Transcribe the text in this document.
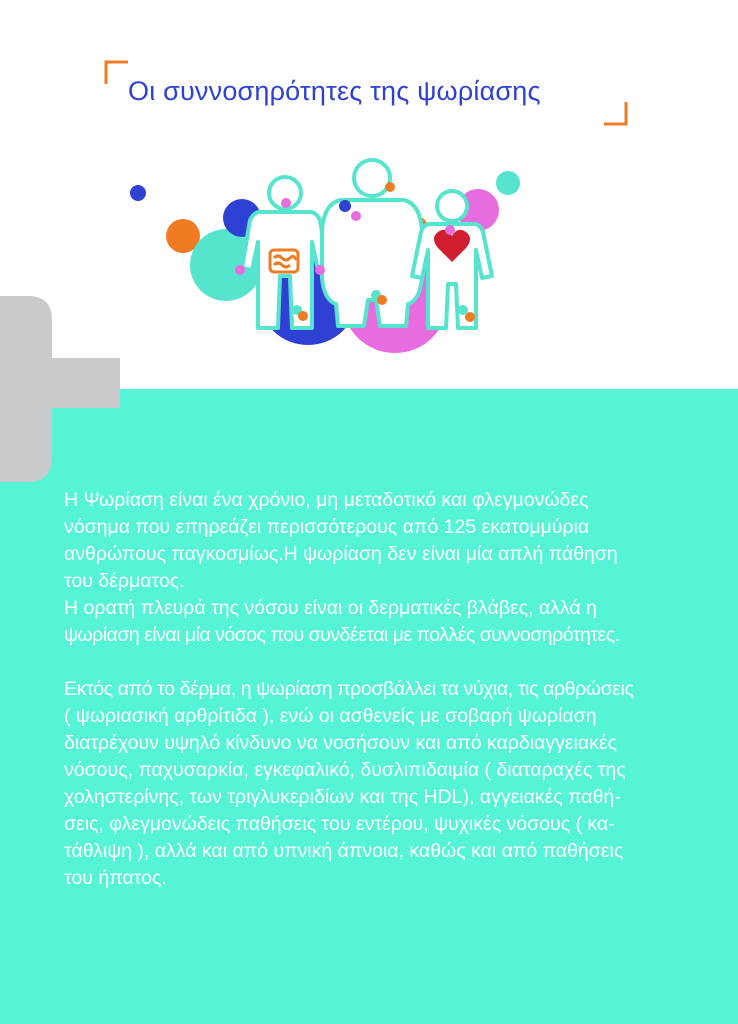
Οι συννοσηρότητες της ψωρίασης

Η Ψωρίαση είναι ένα χρόνιο, μη μεταδοτικό και φλεγμονώδες

νόσημα που επηρεάζει περισσότερους από 125 εκατομμύρια

ανθρώπους παγκοσμίως.Η ψωρίαση δεν είναι μία απλή πάθηση

του δέρματος.

Η ορατή πλευρά της νόσου είναι οι δερματικές βλάβες, αλλά η

ψωρίαση είναι μία νόσος που συνδέεται με πολλές συννοσηρότητες.

Εκτός από το δέρμα, η ψωρίαση προσβάλλει τα νύχια, τις αρθρώσεις

( ψωριασική αρθρίτιδα ), ενώ οι ασθενείς με σοβαρή ψωρίαση

διατρέχουν υψηλό κίνδυνο να νοσήσουν και από καρδιαγγειακές

νόσους, παχυσαρκία, εγκεφαλικό, δυσλιπιδαιμία ( διαταραχές της

χοληστερίνης, των τριγλυκεριδίων και της HDL), αγγειακές παθή-

σεις, φλεγμονώδεις παθήσεις του εντέρου, ψυχικές νόσους ( κα-

τάθλιψη ), αλλά και από υπνική άπνοια, καθώς και από παθήσεις

του ήπατος.
